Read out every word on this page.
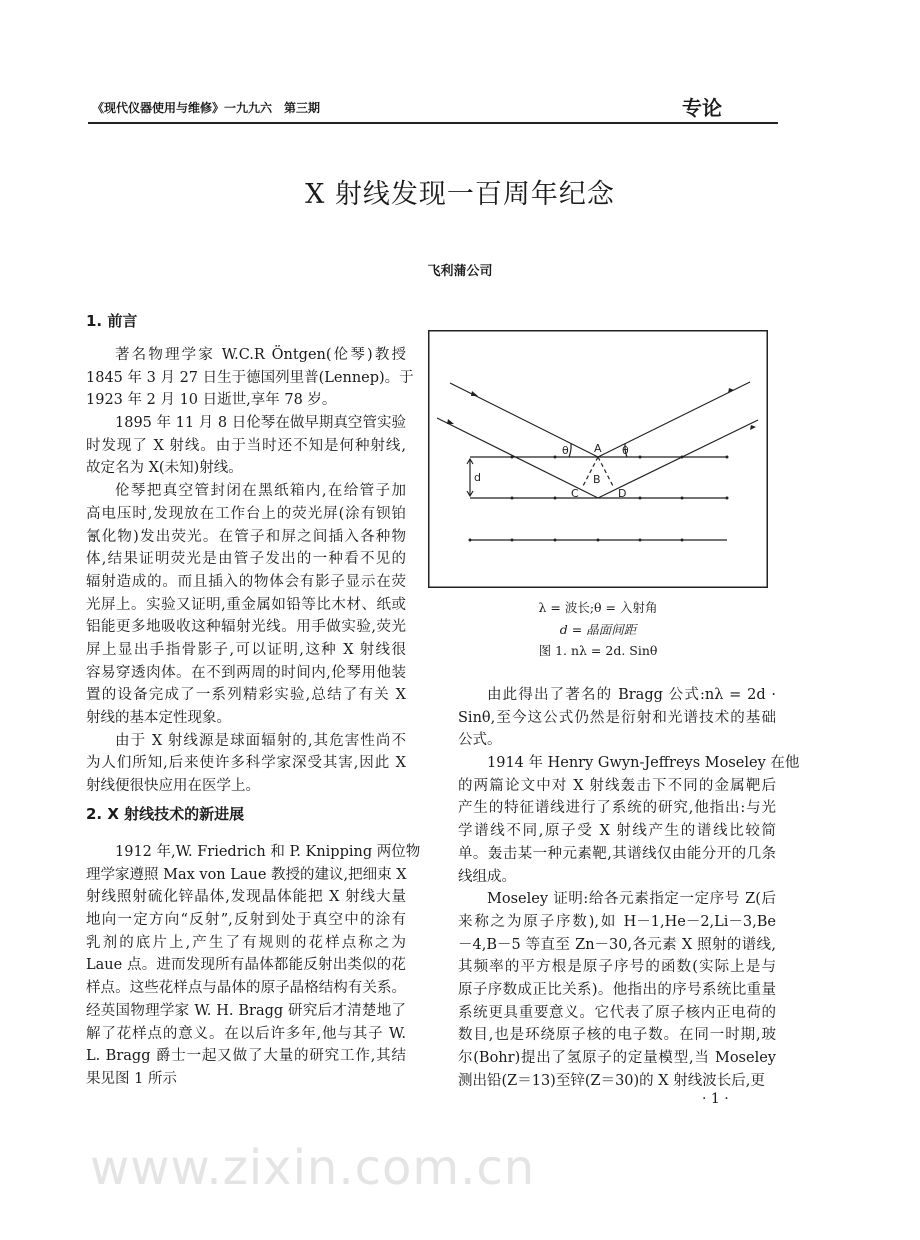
www.zixin.com.cn
《现代仪器使用与维修》一九九六　第三期	专论
X 射线发现一百周年纪念
飞利蒲公司
1. 前言
著名物理学家 W.C.R Öntgen(伦琴)教授
1845 年 3 月 27 日生于德国列里普(Lennep)。于
1923 年 2 月 10 日逝世,享年 78 岁。
1895 年 11 月 8 日伦琴在做早期真空管实验
时发现了 X 射线。由于当时还不知是何种射线,
故定名为 X(未知)射线。
伦琴把真空管封闭在黑纸箱内,在给管子加
高电压时,发现放在工作台上的荧光屏(涂有钡铂
氰化物)发出荧光。在管子和屏之间插入各种物
体,结果证明荧光是由管子发出的一种看不见的
辐射造成的。而且插入的物体会有影子显示在荧
光屏上。实验又证明,重金属如铅等比木材、纸或
铝能更多地吸收这种辐射光线。用手做实验,荧光
屏上显出手指骨影子,可以证明,这种 X 射线很
容易穿透肉体。在不到两周的时间内,伦琴用他装
置的设备完成了一系列精彩实验,总结了有关 X
射线的基本定性现象。
由于 X 射线源是球面辐射的,其危害性尚不
为人们所知,后来使许多科学家深受其害,因此 X
射线便很快应用在医学上。
2. X 射线技术的新进展
1912 年,W. Friedrich 和 P. Knipping 两位物
理学家遵照 Max von Laue 教授的建议,把细束 X
射线照射硫化锌晶体,发现晶体能把 X 射线大量
地向一定方向“反射”,反射到处于真空中的涂有
乳剂的底片上,产生了有规则的花样点称之为
Laue 点。进而发现所有晶体都能反射出类似的花
样点。这些花样点与晶体的原子晶格结构有关系。
经英国物理学家 W. H. Bragg 研究后才清楚地了
解了花样点的意义。在以后许多年,他与其子 W.
L. Bragg 爵士一起又做了大量的研究工作,其结
果见图 1 所示
A
B
C	D
d
θ	θ
λ = 波长;θ = 入射角
d = 晶面间距
图 1. nλ = 2d. Sinθ
由此得出了著名的 Bragg 公式:nλ = 2d ·
Sinθ,至今这公式仍然是衍射和光谱技术的基础
公式。
1914 年 Henry Gwyn-Jeffreys Moseley 在他
的两篇论文中对 X 射线轰击下不同的金属靶后
产生的特征谱线进行了系统的研究,他指出:与光
学谱线不同,原子受 X 射线产生的谱线比较简
单。轰击某一种元素靶,其谱线仅由能分开的几条
线组成。
Moseley 证明:给各元素指定一定序号 Z(后
来称之为原子序数),如 H－1,He－2,Li－3,Be
－4,B－5 等直至 Zn－30,各元素 X 照射的谱线,
其频率的平方根是原子序号的函数(实际上是与
原子序数成正比关系)。他指出的序号系统比重量
系统更具重要意义。它代表了原子核内正电荷的
数目,也是环绕原子核的电子数。在同一时期,玻
尔(Bohr)提出了氢原子的定量模型,当 Moseley
测出铅(Z＝13)至锌(Z＝30)的 X 射线波长后,更
· 1 ·
